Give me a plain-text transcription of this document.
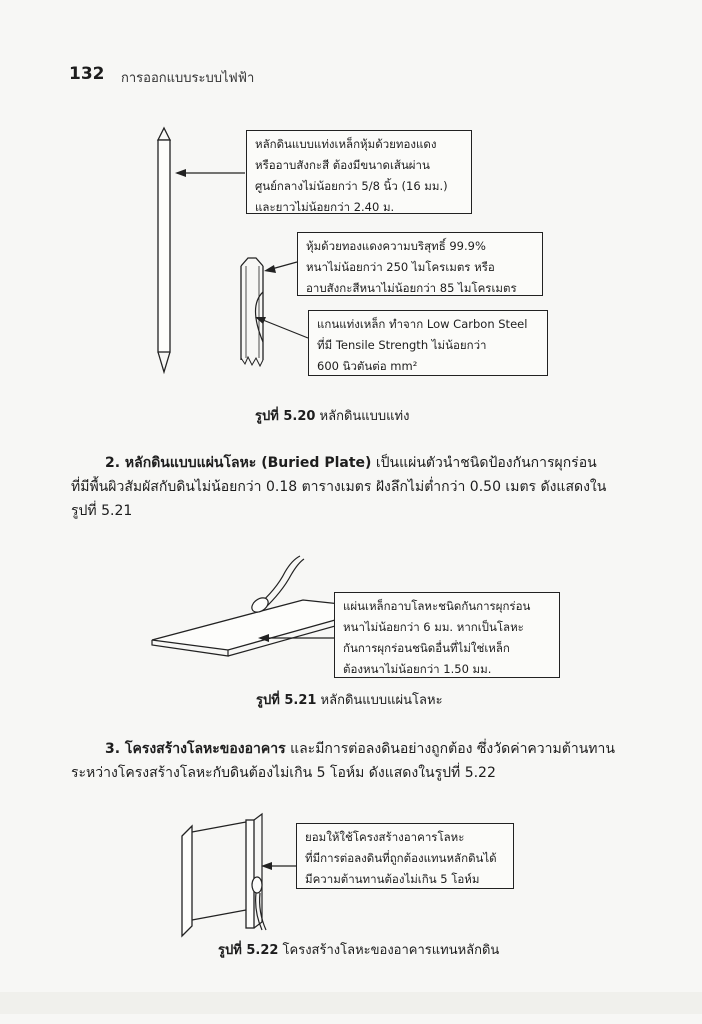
132 การออกแบบระบบไฟฟ้า
หลักดินแบบแท่งเหล็กหุ้มด้วยทองแดง
หรืออาบสังกะสี ต้องมีขนาดเส้นผ่าน
ศูนย์กลางไม่น้อยกว่า 5/8 นิ้ว (16 มม.)
และยาวไม่น้อยกว่า 2.40 ม.
หุ้มด้วยทองแดงความบริสุทธิ์ 99.9%
หนาไม่น้อยกว่า 250 ไมโครเมตร หรือ
อาบสังกะสีหนาไม่น้อยกว่า 85 ไมโครเมตร
แกนแท่งเหล็ก ทำจาก Low Carbon Steel
ที่มี Tensile Strength ไม่น้อยกว่า
600 นิวตันต่อ mm²
รูปที่ 5.20 หลักดินแบบแท่ง
2. หลักดินแบบแผ่นโลหะ (Buried Plate) เป็นแผ่นตัวนำชนิดป้องกันการผุกร่อน
ที่มีพื้นผิวสัมผัสกับดินไม่น้อยกว่า 0.18 ตารางเมตร ฝังลึกไม่ต่ำกว่า 0.50 เมตร ดังแสดงใน
รูปที่ 5.21
แผ่นเหล็กอาบโลหะชนิดกันการผุกร่อน
หนาไม่น้อยกว่า 6 มม. หากเป็นโลหะ
กันการผุกร่อนชนิดอื่นที่ไม่ใช่เหล็ก
ต้องหนาไม่น้อยกว่า 1.50 มม.
รูปที่ 5.21 หลักดินแบบแผ่นโลหะ
3. โครงสร้างโลหะของอาคาร และมีการต่อลงดินอย่างถูกต้อง ซึ่งวัดค่าความต้านทาน
ระหว่างโครงสร้างโลหะกับดินต้องไม่เกิน 5 โอห์ม ดังแสดงในรูปที่ 5.22
ยอมให้ใช้โครงสร้างอาคารโลหะ
ที่มีการต่อลงดินที่ถูกต้องแทนหลักดินได้
มีความต้านทานต้องไม่เกิน 5 โอห์ม
รูปที่ 5.22 โครงสร้างโลหะของอาคารแทนหลักดิน
